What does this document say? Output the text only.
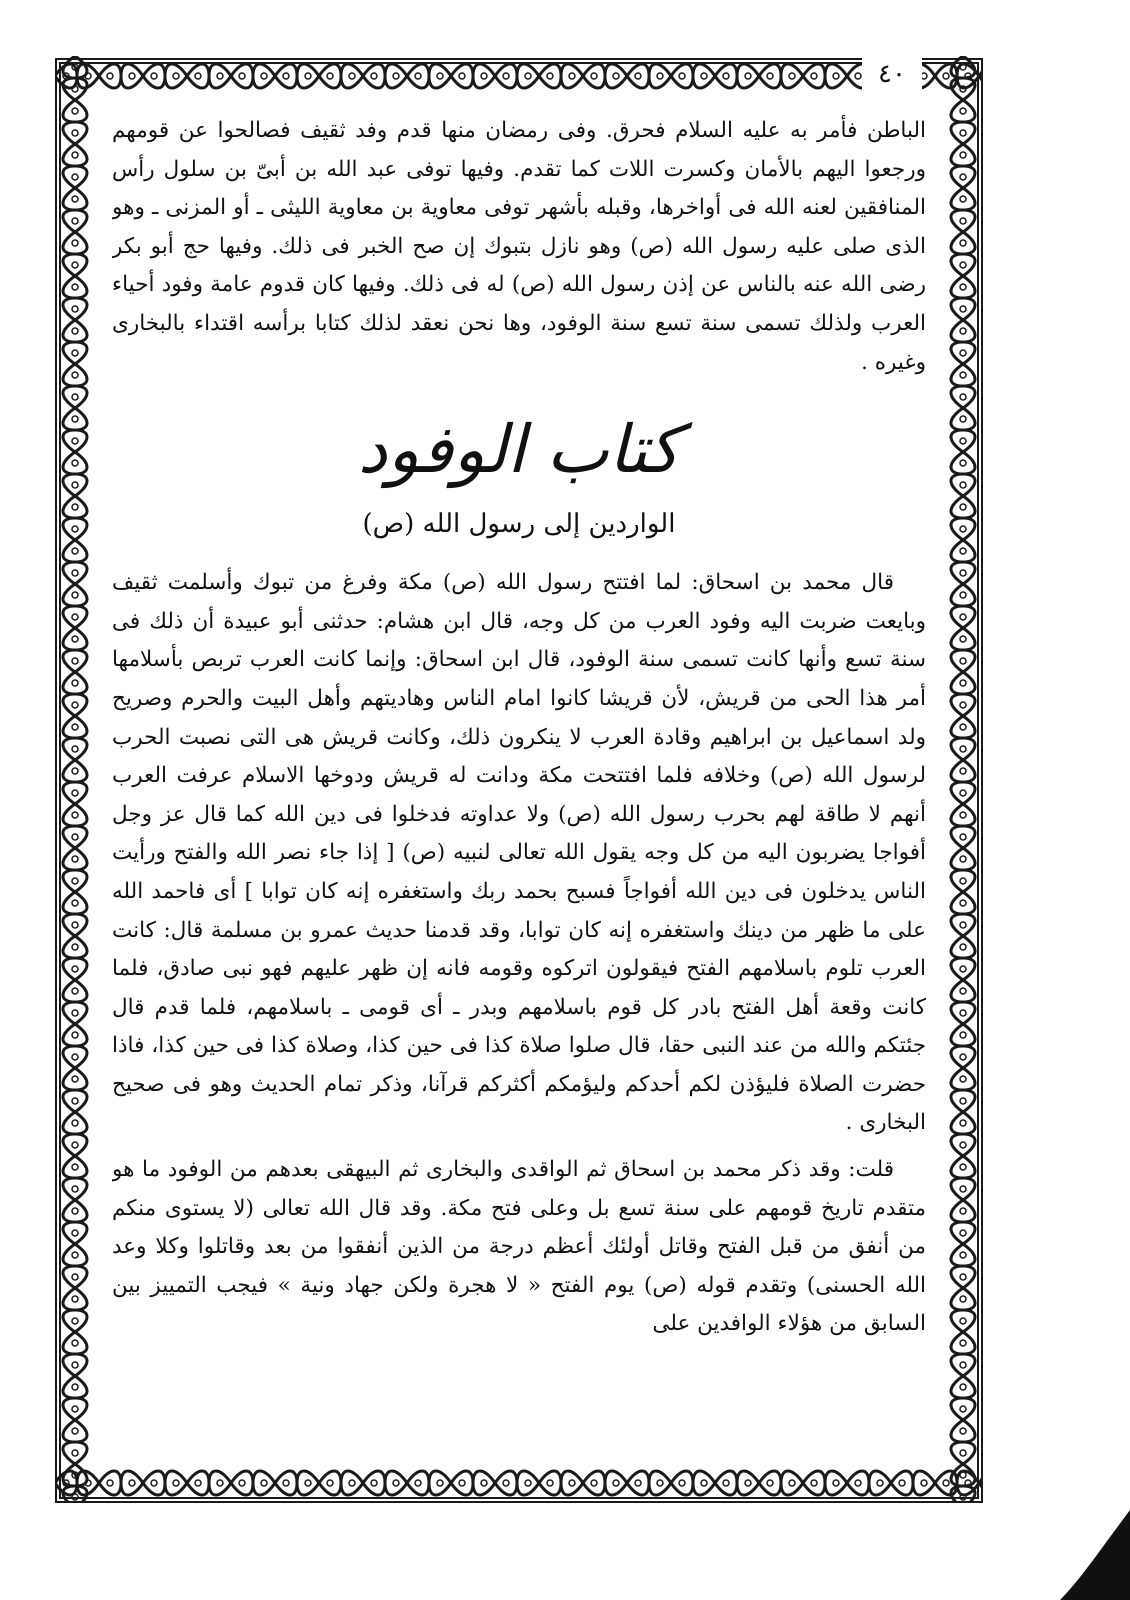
٤٠

الباطن فأمر به عليه السلام فحرق. وفى رمضان منها قدم وفد ثقيف فصالحوا عن قومهم ورجعوا اليهم بالأمان وكسرت اللات كما تقدم. وفيها توفى عبد الله بن أبىّ بن سلول رأس المنافقين لعنه الله فى أواخرها، وقبله بأشهر توفى معاوية بن معاوية الليثى ـ أو المزنى ـ وهو الذى صلى عليه رسول الله (ص) وهو نازل بتبوك إن صح الخبر فى ذلك. وفيها حج أبو بكر رضى الله عنه بالناس عن إذن رسول الله (ص) له فى ذلك. وفيها كان قدوم عامة وفود أحياء العرب ولذلك تسمى سنة تسع سنة الوفود، وها نحن نعقد لذلك كتابا برأسه اقتداء بالبخارى وغيره .

كتاب الوفود
الواردين إلى رسول الله (ص)

قال محمد بن اسحاق: لما افتتح رسول الله (ص) مكة وفرغ من تبوك وأسلمت ثقيف وبايعت ضربت اليه وفود العرب من كل وجه، قال ابن هشام: حدثنى أبو عبيدة أن ذلك فى سنة تسع وأنها كانت تسمى سنة الوفود، قال ابن اسحاق: وإنما كانت العرب تربص بأسلامها أمر هذا الحى من قريش، لأن قريشا كانوا امام الناس وهاديتهم وأهل البيت والحرم وصريح ولد اسماعيل بن ابراهيم وقادة العرب لا ينكرون ذلك، وكانت قريش هى التى نصبت الحرب لرسول الله (ص) وخلافه فلما افتتحت مكة ودانت له قريش ودوخها الاسلام عرفت العرب أنهم لا طاقة لهم بحرب رسول الله (ص) ولا عداوته فدخلوا فى دين الله كما قال عز وجل أفواجا يضربون اليه من كل وجه يقول الله تعالى لنبيه (ص) [ إذا جاء نصر الله والفتح ورأيت الناس يدخلون فى دين الله أفواجاً فسبح بحمد ربك واستغفره إنه كان توابا ] أى فاحمد الله على ما ظهر من دينك واستغفره إنه كان توابا، وقد قدمنا حديث عمرو بن مسلمة قال: كانت العرب تلوم باسلامهم الفتح فيقولون اتركوه وقومه فانه إن ظهر عليهم فهو نبى صادق، فلما كانت وقعة أهل الفتح بادر كل قوم باسلامهم وبدر ـ أى قومى ـ باسلامهم، فلما قدم قال جئتكم والله من عند النبى حقا، قال صلوا صلاة كذا فى حين كذا، وصلاة كذا فى حين كذا، فاذا حضرت الصلاة فليؤذن لكم أحدكم وليؤمكم أكثركم قرآنا، وذكر تمام الحديث وهو فى صحيح البخارى .

قلت: وقد ذكر محمد بن اسحاق ثم الواقدى والبخارى ثم البيهقى بعدهم من الوفود ما هو متقدم تاريخ قومهم على سنة تسع بل وعلى فتح مكة. وقد قال الله تعالى (لا يستوى منكم من أنفق من قبل الفتح وقاتل أولئك أعظم درجة من الذين أنفقوا من بعد وقاتلوا وكلا وعد الله الحسنى) وتقدم قوله (ص) يوم الفتح « لا هجرة ولكن جهاد ونية » فيجب التمييز بين السابق من هؤلاء الوافدين على
